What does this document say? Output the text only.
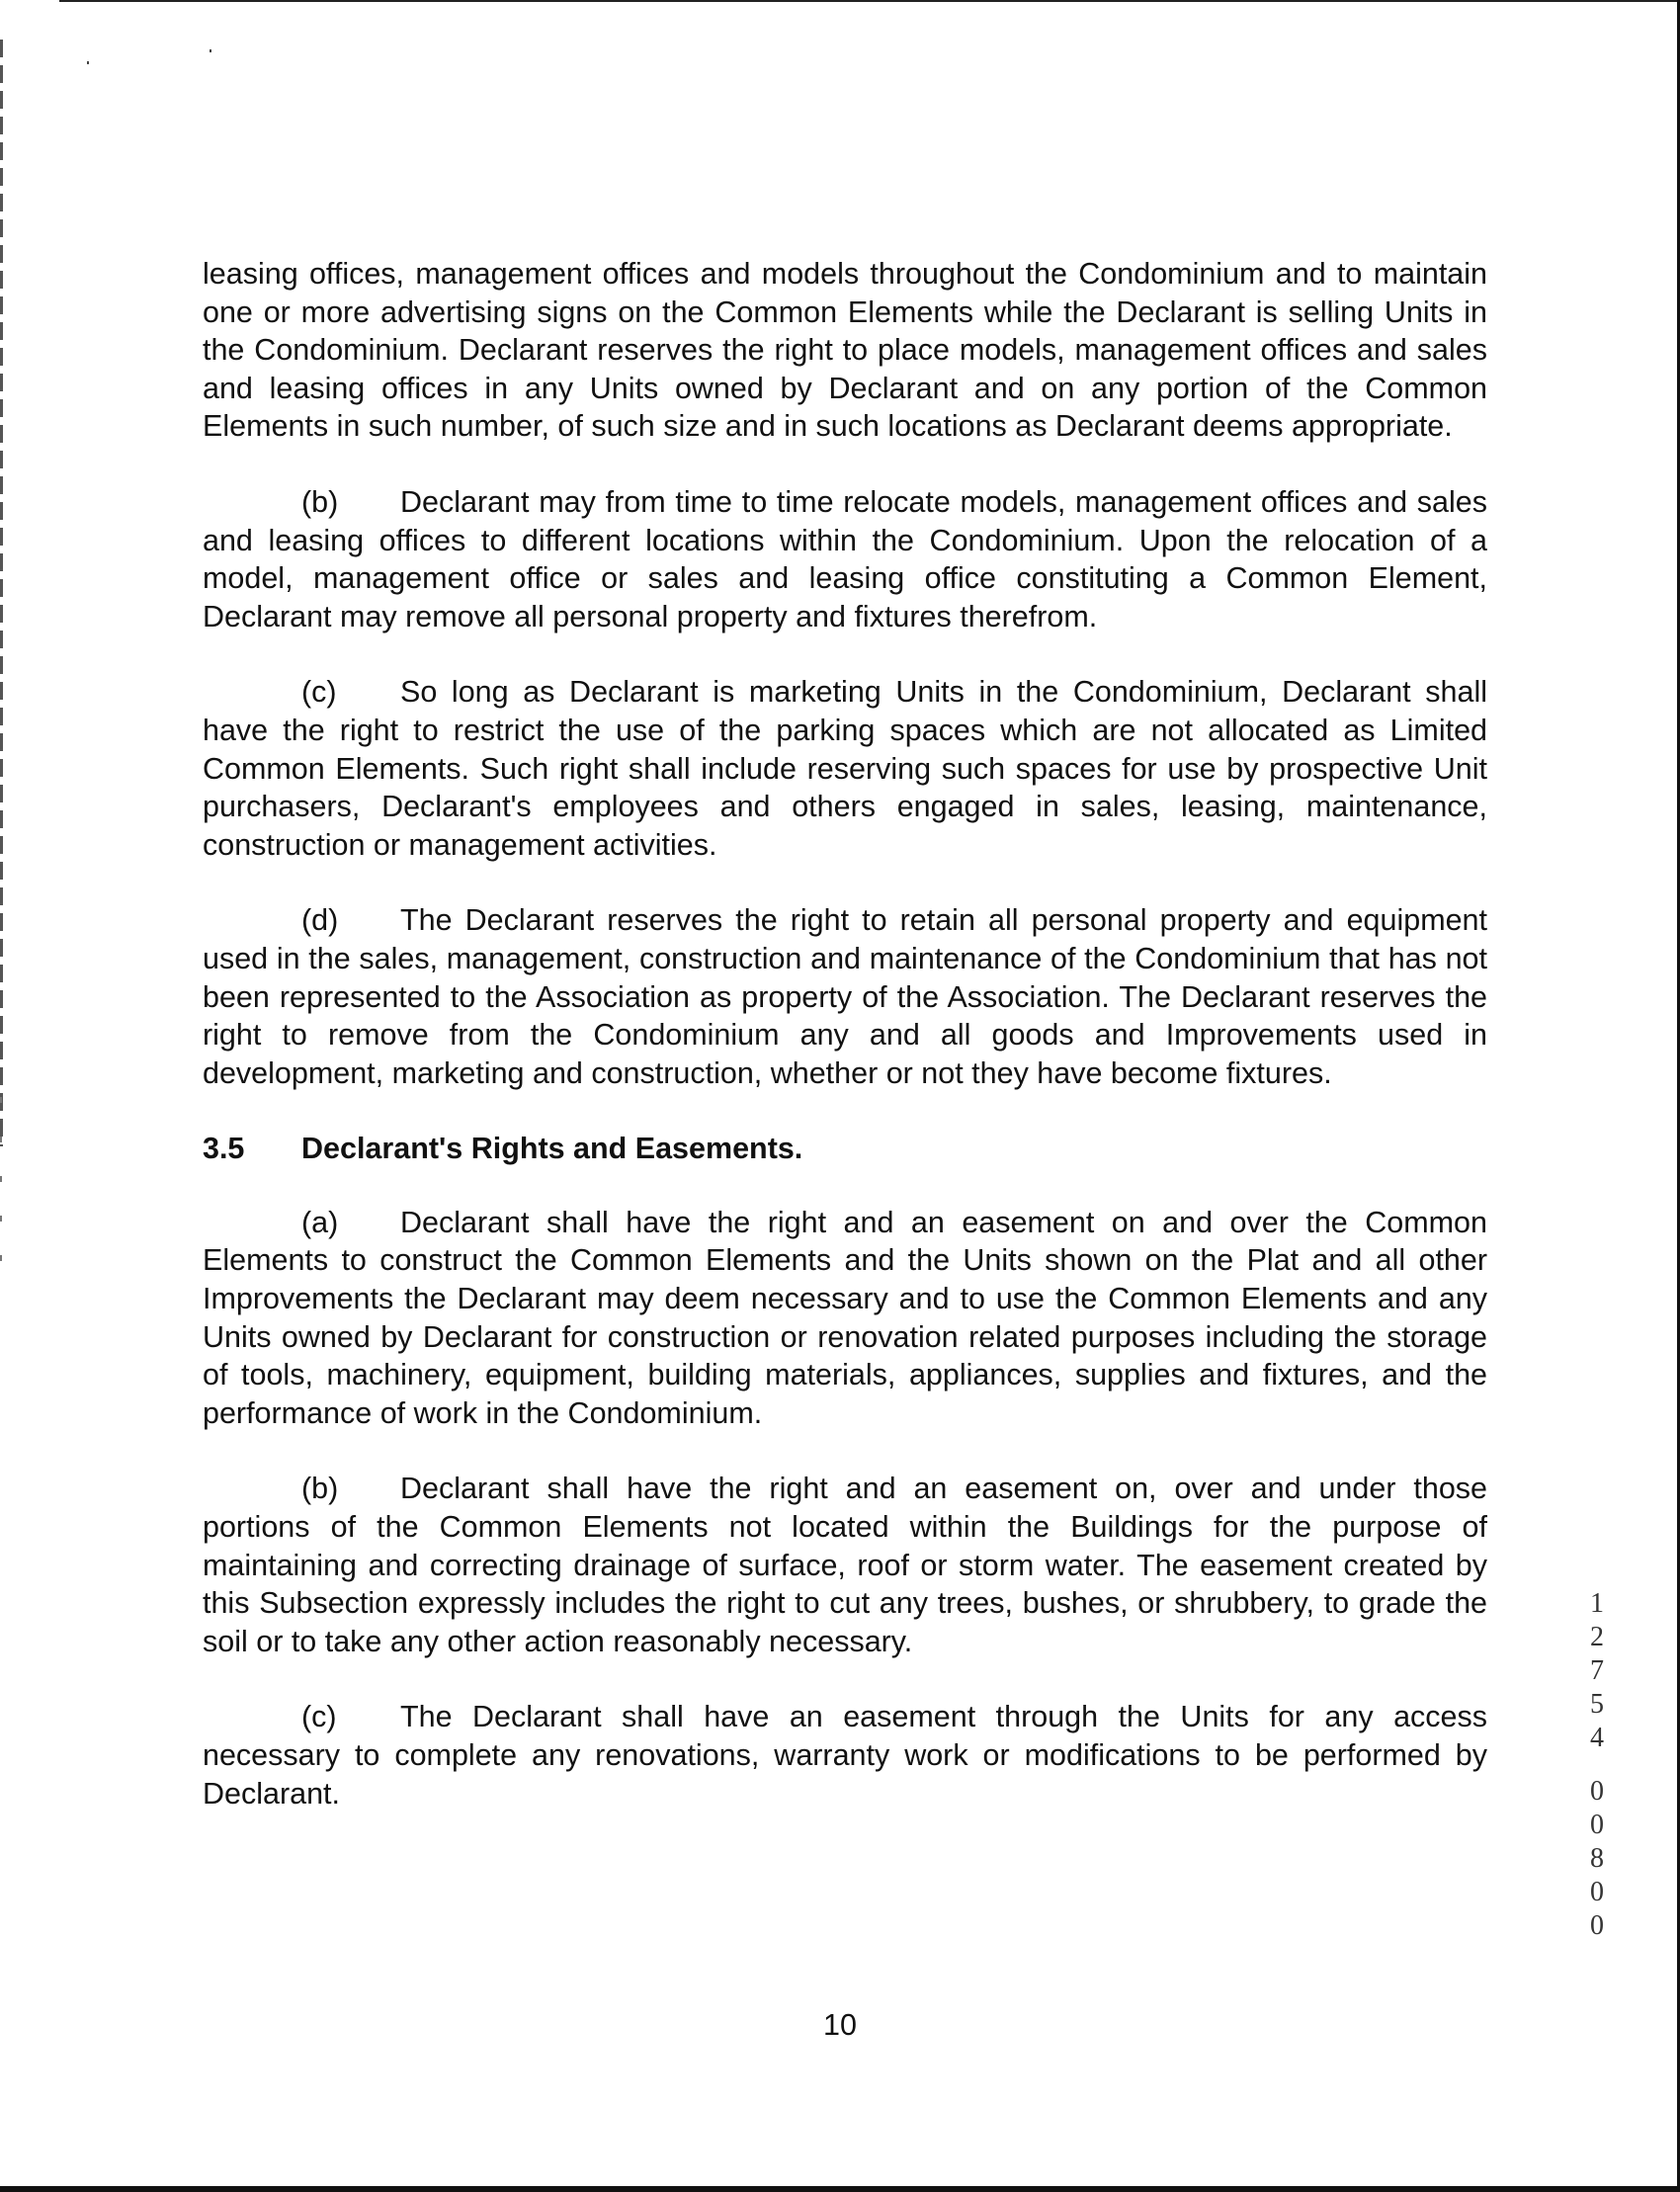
leasing offices, management offices and models throughout the Condominium and to maintain one or more advertising signs on the Common Elements while the Declarant is selling Units in the Condominium. Declarant reserves the right to place models, management offices and sales and leasing offices in any Units owned by Declarant and on any portion of the Common Elements in such number, of such size and in such locations as Declarant deems appropriate.

(b) Declarant may from time to time relocate models, management offices and sales and leasing offices to different locations within the Condominium. Upon the relocation of a model, management office or sales and leasing office constituting a Common Element, Declarant may remove all personal property and fixtures therefrom.

(c) So long as Declarant is marketing Units in the Condominium, Declarant shall have the right to restrict the use of the parking spaces which are not allocated as Limited Common Elements. Such right shall include reserving such spaces for use by prospective Unit purchasers, Declarant's employees and others engaged in sales, leasing, maintenance, construction or management activities.

(d) The Declarant reserves the right to retain all personal property and equipment used in the sales, management, construction and maintenance of the Condominium that has not been represented to the Association as property of the Association. The Declarant reserves the right to remove from the Condominium any and all goods and Improvements used in development, marketing and construction, whether or not they have become fixtures.

3.5 Declarant's Rights and Easements.

(a) Declarant shall have the right and an easement on and over the Common Elements to construct the Common Elements and the Units shown on the Plat and all other Improvements the Declarant may deem necessary and to use the Common Elements and any Units owned by Declarant for construction or renovation related purposes including the storage of tools, machinery, equipment, building materials, appliances, supplies and fixtures, and the performance of work in the Condominium.

(b) Declarant shall have the right and an easement on, over and under those portions of the Common Elements not located within the Buildings for the purpose of maintaining and correcting drainage of surface, roof or storm water. The easement created by this Subsection expressly includes the right to cut any trees, bushes, or shrubbery, to grade the soil or to take any other action reasonably necessary.

(c) The Declarant shall have an easement through the Units for any access necessary to complete any renovations, warranty work or modifications to be performed by Declarant.

10
1
2
7
5
4
0
0
8
0
0
